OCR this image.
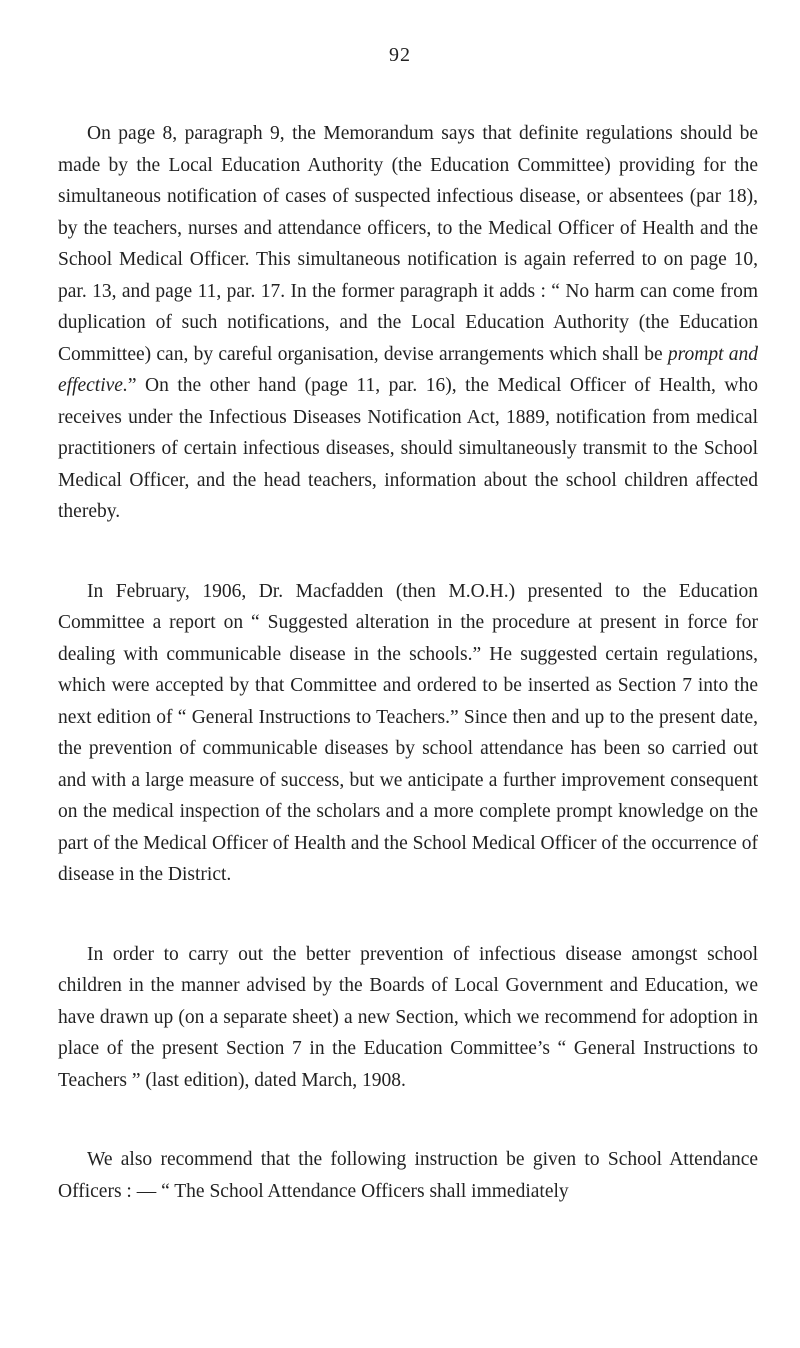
92

On page 8, paragraph 9, the Memorandum says that definite regulations should be made by the Local Education Authority (the Education Committee) providing for the simultaneous notification of cases of suspected infectious disease, or absentees (par 18), by the teachers, nurses and attendance officers, to the Medical Officer of Health and the School Medical Officer. This simultaneous notification is again referred to on page 10, par. 13, and page 11, par. 17. In the former paragraph it adds : “ No harm can come from duplication of such notifications, and the Local Education Authority (the Education Committee) can, by careful organisation, devise arrangements which shall be prompt and effective.” On the other hand (page 11, par. 16), the Medical Officer of Health, who receives under the Infectious Diseases Notification Act, 1889, notification from medical practitioners of certain infectious diseases, should simultaneously transmit to the School Medical Officer, and the head teachers, information about the school children affected thereby.

In February, 1906, Dr. Macfadden (then M.O.H.) presented to the Education Committee a report on “ Suggested alteration in the procedure at present in force for dealing with communicable disease in the schools.” He suggested certain regulations, which were accepted by that Committee and ordered to be inserted as Section 7 into the next edition of “ General Instructions to Teachers.” Since then and up to the present date, the prevention of communicable diseases by school attendance has been so carried out and with a large measure of success, but we anticipate a further improvement consequent on the medical inspection of the scholars and a more complete prompt knowledge on the part of the Medical Officer of Health and the School Medical Officer of the occurrence of disease in the District.

In order to carry out the better prevention of infectious disease amongst school children in the manner advised by the Boards of Local Government and Education, we have drawn up (on a separate sheet) a new Section, which we recommend for adoption in place of the present Section 7 in the Education Committee’s “ General Instructions to Teachers ” (last edition), dated March, 1908.

We also recommend that the following instruction be given to School Attendance Officers : — “ The School Attendance Officers shall immediately
